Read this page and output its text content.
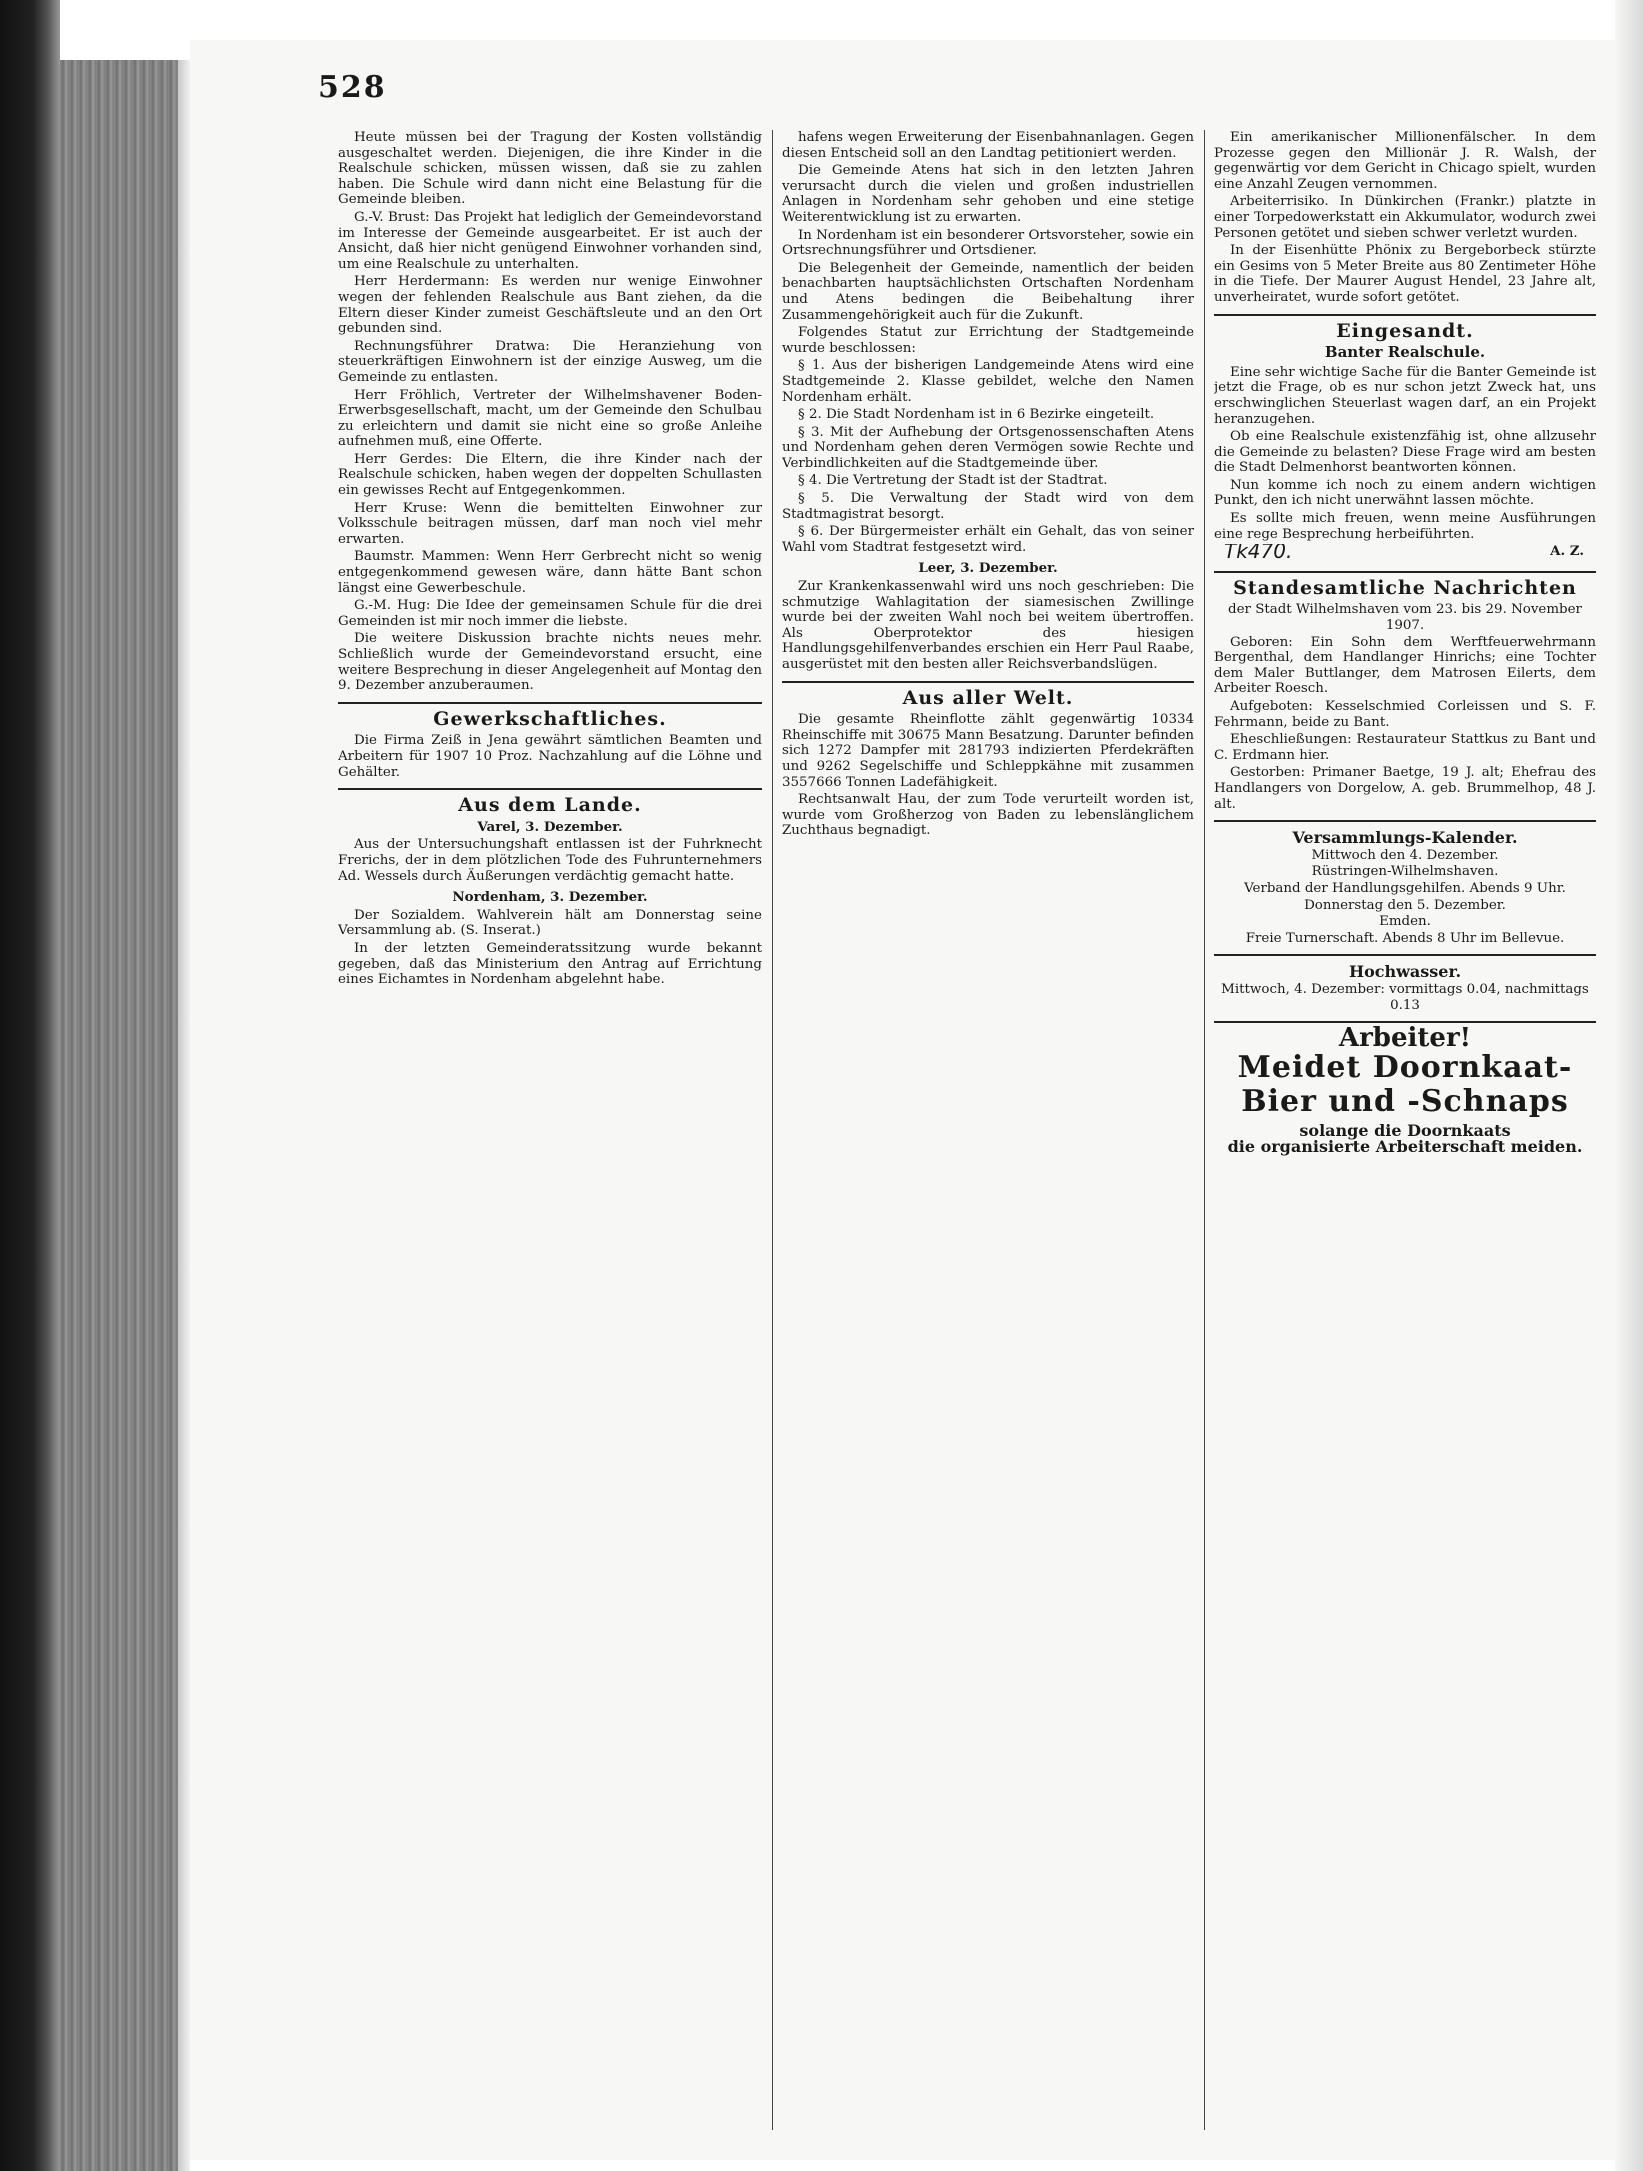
528

Heute müssen bei der Tragung der Kosten vollständig ausgeschaltet werden. Diejenigen, die ihre Kinder in die Realschule schicken, müssen wissen, daß sie zu zahlen haben. Die Schule wird dann nicht eine Belastung für die Gemeinde bleiben.

G.-V. Brust: Das Projekt hat lediglich der Gemeindevorstand im Interesse der Gemeinde ausgearbeitet. Er ist auch der Ansicht, daß hier nicht genügend Einwohner vorhanden sind, um eine Realschule zu unterhalten.

Herr Herdermann: Es werden nur wenige Einwohner wegen der fehlenden Realschule aus Bant ziehen, da die Eltern dieser Kinder zumeist Geschäftsleute und an den Ort gebunden sind.

Rechnungsführer Dratwa: Die Heranziehung von steuerkräftigen Einwohnern ist der einzige Ausweg, um die Gemeinde zu entlasten.

Herr Fröhlich, Vertreter der Wilhelmshavener Boden-Erwerbsgesellschaft, macht, um der Gemeinde den Schulbau zu erleichtern und damit sie nicht eine so große Anleihe aufnehmen muß, eine Offerte.

Herr Gerdes: Die Eltern, die ihre Kinder nach der Realschule schicken, haben wegen der doppelten Schullasten ein gewisses Recht auf Entgegenkommen.

Herr Kruse: Wenn die bemittelten Einwohner zur Volksschule beitragen müssen, darf man noch viel mehr erwarten.

Baumstr. Mammen: Wenn Herr Gerbrecht nicht so wenig entgegenkommend gewesen wäre, dann hätte Bant schon längst eine Gewerbeschule.

G.-M. Hug: Die Idee der gemeinsamen Schule für die drei Gemeinden ist mir noch immer die liebste.

Die weitere Diskussion brachte nichts neues mehr. Schließlich wurde der Gemeindevorstand ersucht, eine weitere Besprechung in dieser Angelegenheit auf Montag den 9. Dezember anzuberaumen.

Gewerkschaftliches.

Die Firma Zeiß in Jena gewährt sämtlichen Beamten und Arbeitern für 1907 10 Proz. Nachzahlung auf die Löhne und Gehälter.

Aus dem Lande.
Varel, 3. Dezember.

Aus der Untersuchungshaft entlassen ist der Fuhrknecht Frerichs, der in dem plötzlichen Tode des Fuhrunternehmers Ad. Wessels durch Äußerungen verdächtig gemacht hatte.

Nordenham, 3. Dezember.

Der Sozialdem. Wahlverein hält am Donnerstag seine Versammlung ab. (S. Inserat.)

In der letzten Gemeinderatssitzung wurde bekannt gegeben, daß das Ministerium den Antrag auf Errichtung eines Eichamtes in Nordenham abgelehnt habe.

hafens wegen Erweiterung der Eisenbahnanlagen. Gegen diesen Entscheid soll an den Landtag petitioniert werden.

Die Gemeinde Atens hat sich in den letzten Jahren verursacht durch die vielen und großen industriellen Anlagen in Nordenham sehr gehoben und eine stetige Weiterentwicklung ist zu erwarten.

In Nordenham ist ein besonderer Ortsvorsteher, sowie ein Ortsrechnungsführer und Ortsdiener.

Die Belegenheit der Gemeinde, namentlich der beiden benachbarten hauptsächlichsten Ortschaften Nordenham und Atens bedingen die Beibehaltung ihrer Zusammengehörigkeit auch für die Zukunft.

Folgendes Statut zur Errichtung der Stadtgemeinde wurde beschlossen:

§ 1. Aus der bisherigen Landgemeinde Atens wird eine Stadtgemeinde 2. Klasse gebildet, welche den Namen Nordenham erhält.

§ 2. Die Stadt Nordenham ist in 6 Bezirke eingeteilt.

§ 3. Mit der Aufhebung der Ortsgenossenschaften Atens und Nordenham gehen deren Vermögen sowie Rechte und Verbindlichkeiten auf die Stadtgemeinde über.

§ 4. Die Vertretung der Stadt ist der Stadtrat.

§ 5. Die Verwaltung der Stadt wird von dem Stadtmagistrat besorgt.

§ 6. Der Bürgermeister erhält ein Gehalt, das von seiner Wahl vom Stadtrat festgesetzt wird.

Leer, 3. Dezember.

Zur Krankenkassenwahl wird uns noch geschrieben: Die schmutzige Wahlagitation der siamesischen Zwillinge wurde bei der zweiten Wahl noch bei weitem übertroffen. Als Oberprotektor des hiesigen Handlungsgehilfenverbandes erschien ein Herr Paul Raabe, ausgerüstet mit den besten aller Reichsverbandslügen.

Aus aller Welt.

Die gesamte Rheinflotte zählt gegenwärtig 10334 Rheinschiffe mit 30675 Mann Besatzung. Darunter befinden sich 1272 Dampfer mit 281793 indizierten Pferdekräften und 9262 Segelschiffe und Schleppkähne mit zusammen 3557666 Tonnen Ladefähigkeit.

Rechtsanwalt Hau, der zum Tode verurteilt worden ist, wurde vom Großherzog von Baden zu lebenslänglichem Zuchthaus begnadigt.

Ein amerikanischer Millionenfälscher. In dem Prozesse gegen den Millionär J. R. Walsh, der gegenwärtig vor dem Gericht in Chicago spielt, wurden eine Anzahl Zeugen vernommen.

Arbeiterrisiko. In Dünkirchen (Frankr.) platzte in einer Torpedowerkstatt ein Akkumulator, wodurch zwei Personen getötet und sieben schwer verletzt wurden.

In der Eisenhütte Phönix zu Bergeborbeck stürzte ein Gesims von 5 Meter Breite aus 80 Zentimeter Höhe in die Tiefe. Der Maurer August Hendel, 23 Jahre alt, unverheiratet, wurde sofort getötet.

Eingesandt.
Banter Realschule.

Eine sehr wichtige Sache für die Banter Gemeinde ist jetzt die Frage, ob es nur schon jetzt Zweck hat, uns erschwinglichen Steuerlast wagen darf, an ein Projekt heranzugehen.

Ob eine Realschule existenzfähig ist, ohne allzusehr die Gemeinde zu belasten? Diese Frage wird am besten die Stadt Delmenhorst beantworten können.

Nun komme ich noch zu einem andern wichtigen Punkt, den ich nicht unerwähnt lassen möchte.

Es sollte mich freuen, wenn meine Ausführungen eine rege Besprechung herbeiführten.

Tk470.	A. Z.

Standesamtliche Nachrichten
der Stadt Wilhelmshaven vom 23. bis 29. November 1907.

Geboren: Ein Sohn dem Werftfeuerwehrmann Bergenthal, dem Handlanger Hinrichs; eine Tochter dem Maler Buttlanger, dem Matrosen Eilerts, dem Arbeiter Roesch.

Aufgeboten: Kesselschmied Corleissen und S. F. Fehrmann, beide zu Bant.

Eheschließungen: Restaurateur Stattkus zu Bant und C. Erdmann hier.

Gestorben: Primaner Baetge, 19 J. alt; Ehefrau des Handlangers von Dorgelow, A. geb. Brummelhop, 48 J. alt.

Versammlungs-Kalender.
Mittwoch den 4. Dezember.
Rüstringen-Wilhelmshaven.
Verband der Handlungsgehilfen. Abends 9 Uhr.
Donnerstag den 5. Dezember.
Emden.
Freie Turnerschaft. Abends 8 Uhr im Bellevue.
Hochwasser.
Mittwoch, 4. Dezember: vormittags 0.04, nachmittags 0.13
Arbeiter!
Meidet Doornkaat-Bier und -Schnaps
solange die Doornkaats
die organisierte Arbeiterschaft meiden.
